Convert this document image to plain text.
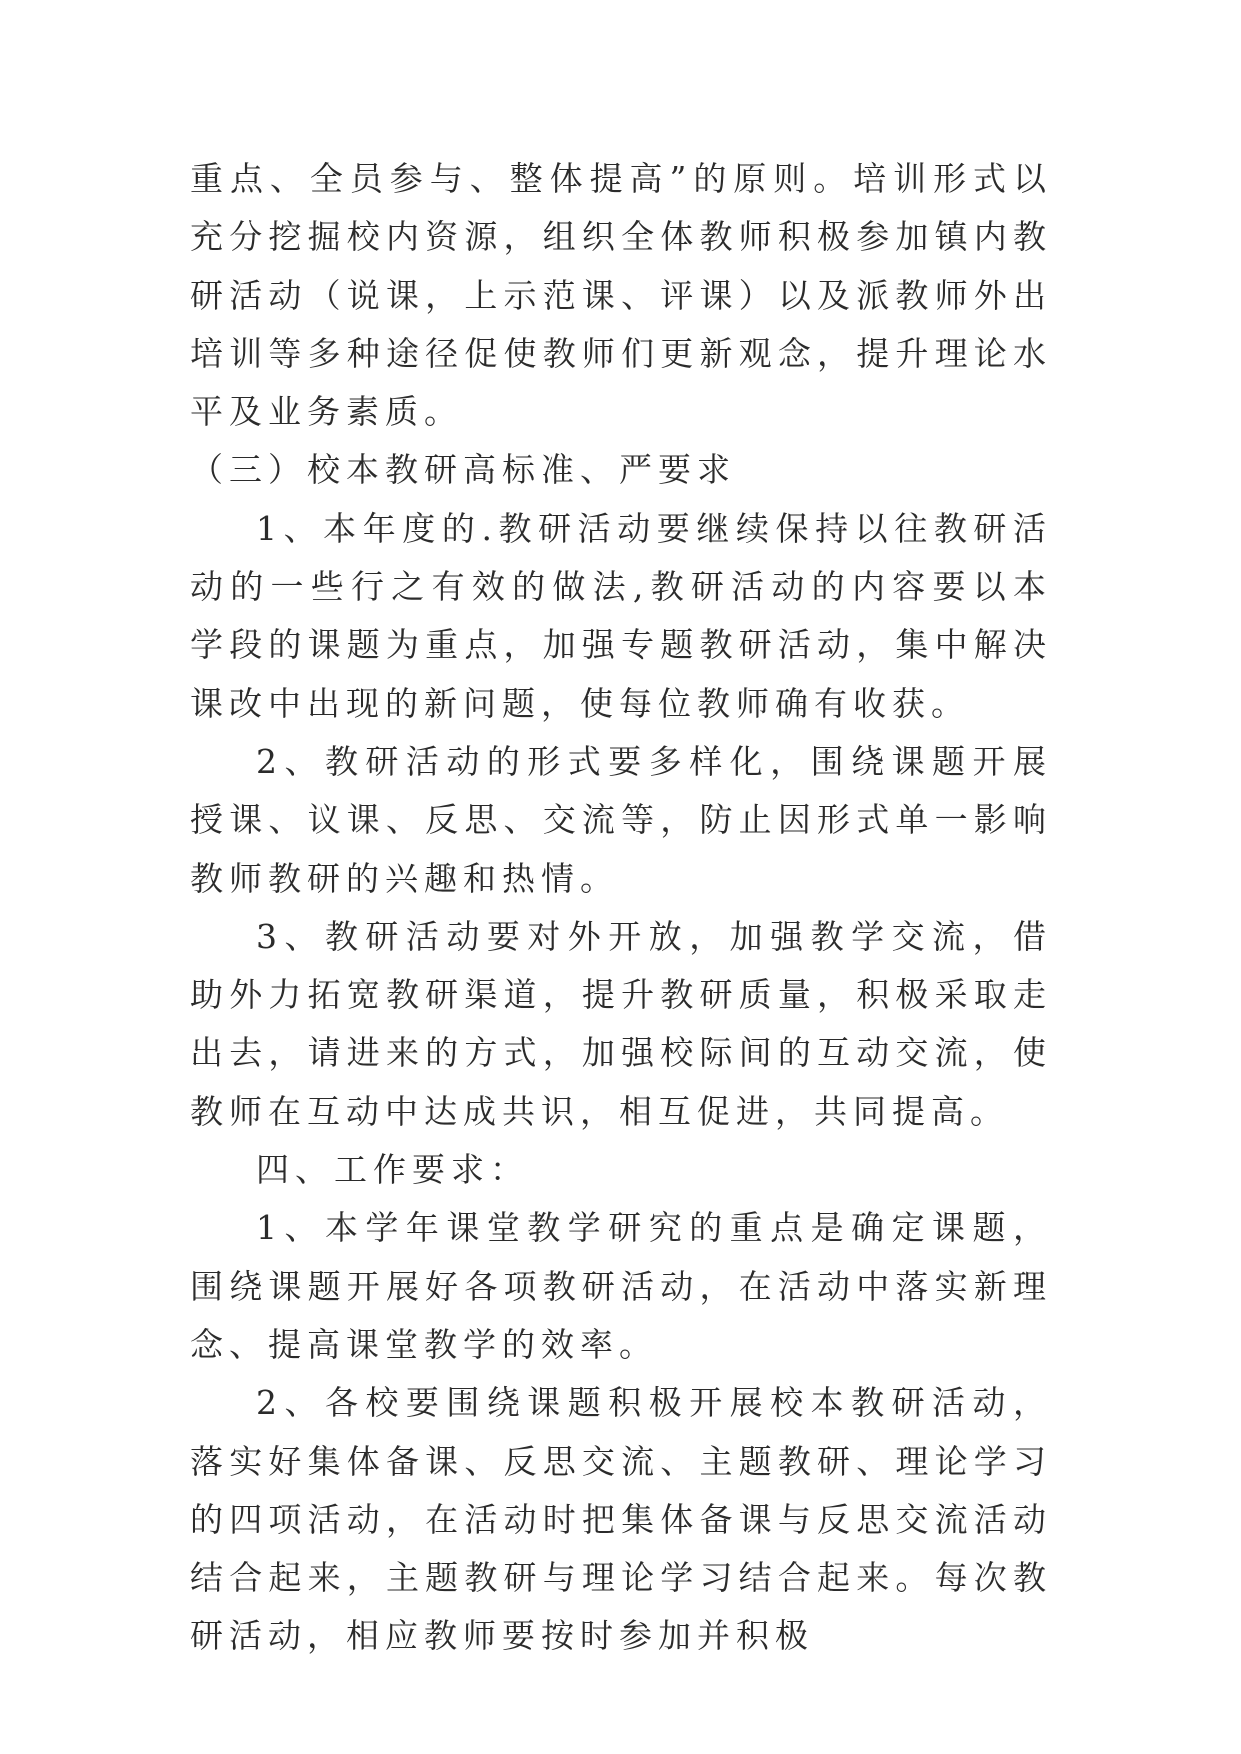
重点、全员参与、整体提高”的原则。培训形式以充分挖掘校内资源，组织全体教师积极参加镇内教研活动（说课，上示范课、评课）以及派教师外出培训等多种途径促使教师们更新观念，提升理论水平及业务素质。

（三）校本教研高标准、严要求

1、本年度的.教研活动要继续保持以往教研活动的一些行之有效的做法,教研活动的内容要以本学段的课题为重点，加强专题教研活动，集中解决课改中出现的新问题，使每位教师确有收获。

2、教研活动的形式要多样化，围绕课题开展授课、议课、反思、交流等，防止因形式单一影响教师教研的兴趣和热情。

3、教研活动要对外开放，加强教学交流，借助外力拓宽教研渠道，提升教研质量，积极采取走出去，请进来的方式，加强校际间的互动交流，使教师在互动中达成共识，相互促进，共同提高。

四、工作要求：

1、本学年课堂教学研究的重点是确定课题，围绕课题开展好各项教研活动，在活动中落实新理念、提高课堂教学的效率。

2、各校要围绕课题积极开展校本教研活动，落实好集体备课、反思交流、主题教研、理论学习的四项活动，在活动时把集体备课与反思交流活动结合起来，主题教研与理论学习结合起来。每次教研活动，相应教师要按时参加并积极
